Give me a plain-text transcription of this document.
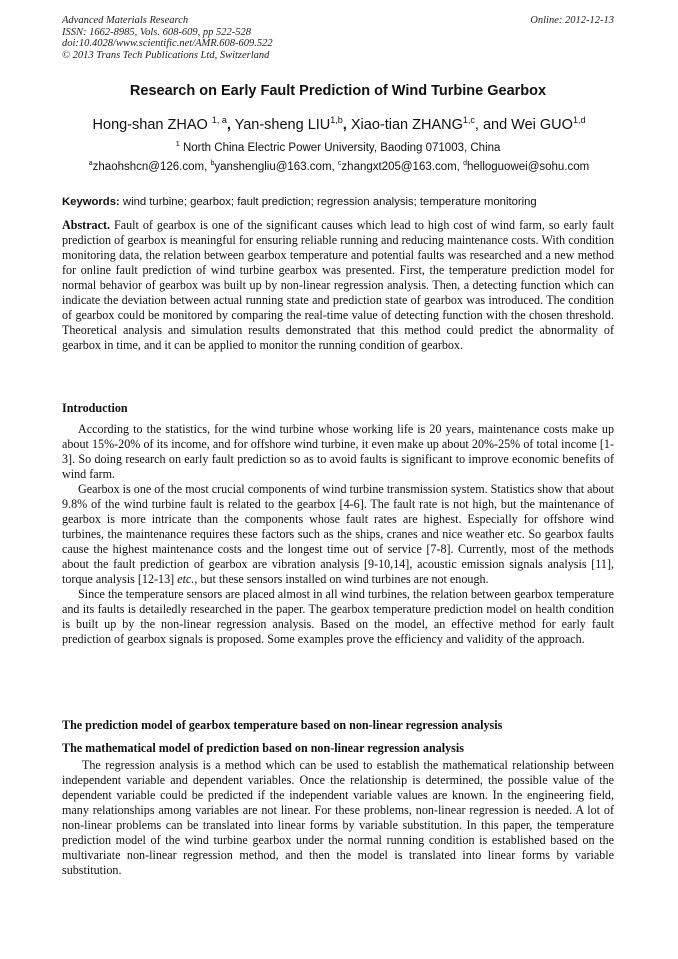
Advanced Materials Research
ISSN: 1662-8985, Vols. 608-609, pp 522-528
doi:10.4028/www.scientific.net/AMR.608-609.522
© 2013 Trans Tech Publications Ltd, Switzerland
Online: 2012-12-13
Research on Early Fault Prediction of Wind Turbine Gearbox
Hong-shan ZHAO $^{1, a}$, Yan-sheng LIU$^{1,b}$, Xiao-tian ZHANG$^{1,c}$, and Wei GUO$^{1,d}$
$^1$ North China Electric Power University, Baoding 071003, China
$^a$zhaohshcn@126.com, $^b$yanshengliu@163.com, $^c$zhangxt205@163.com, $^d$helloguowei@sohu.com
Keywords: wind turbine; gearbox; fault prediction; regression analysis; temperature monitoring

Abstract. Fault of gearbox is one of the significant causes which lead to high cost of wind farm, so early fault prediction of gearbox is meaningful for ensuring reliable running and reducing maintenance costs. With condition monitoring data, the relation between gearbox temperature and potential faults was researched and a new method for online fault prediction of wind turbine gearbox was presented. First, the temperature prediction model for normal behavior of gearbox was built up by non-linear regression analysis. Then, a detecting function which can indicate the deviation between actual running state and prediction state of gearbox was introduced. The condition of gearbox could be monitored by comparing the real-time value of detecting function with the chosen threshold. Theoretical analysis and simulation results demonstrated that this method could predict the abnormality of gearbox in time, and it can be applied to monitor the running condition of gearbox.

Introduction

According to the statistics, for the wind turbine whose working life is 20 years, maintenance costs make up about 15%-20% of its income, and for offshore wind turbine, it even make up about 20%-25% of total income [1-3]. So doing research on early fault prediction so as to avoid faults is significant to improve economic benefits of wind farm.

Gearbox is one of the most crucial components of wind turbine transmission system. Statistics show that about 9.8% of the wind turbine fault is related to the gearbox [4-6]. The fault rate is not high, but the maintenance of gearbox is more intricate than the components whose fault rates are highest. Especially for offshore wind turbines, the maintenance requires these factors such as the ships, cranes and nice weather etc. So gearbox faults cause the highest maintenance costs and the longest time out of service [7-8]. Currently, most of the methods about the fault prediction of gearbox are vibration analysis [9-10,14], acoustic emission signals analysis [11], torque analysis [12-13] etc., but these sensors installed on wind turbines are not enough.

Since the temperature sensors are placed almost in all wind turbines, the relation between gearbox temperature and its faults is detailedly researched in the paper. The gearbox temperature prediction model on health condition is built up by the non-linear regression analysis. Based on the model, an effective method for early fault prediction of gearbox signals is proposed. Some examples prove the efficiency and validity of the approach.

The prediction model of gearbox temperature based on non-linear regression analysis
The mathematical model of prediction based on non-linear regression analysis

The regression analysis is a method which can be used to establish the mathematical relationship between independent variable and dependent variables. Once the relationship is determined, the possible value of the dependent variable could be predicted if the independent variable values are known. In the engineering field, many relationships among variables are not linear. For these problems, non-linear regression is needed. A lot of non-linear problems can be translated into linear forms by variable substitution. In this paper, the temperature prediction model of the wind turbine gearbox under the normal running condition is established based on the multivariate non-linear regression method, and then the model is translated into linear forms by variable substitution.
